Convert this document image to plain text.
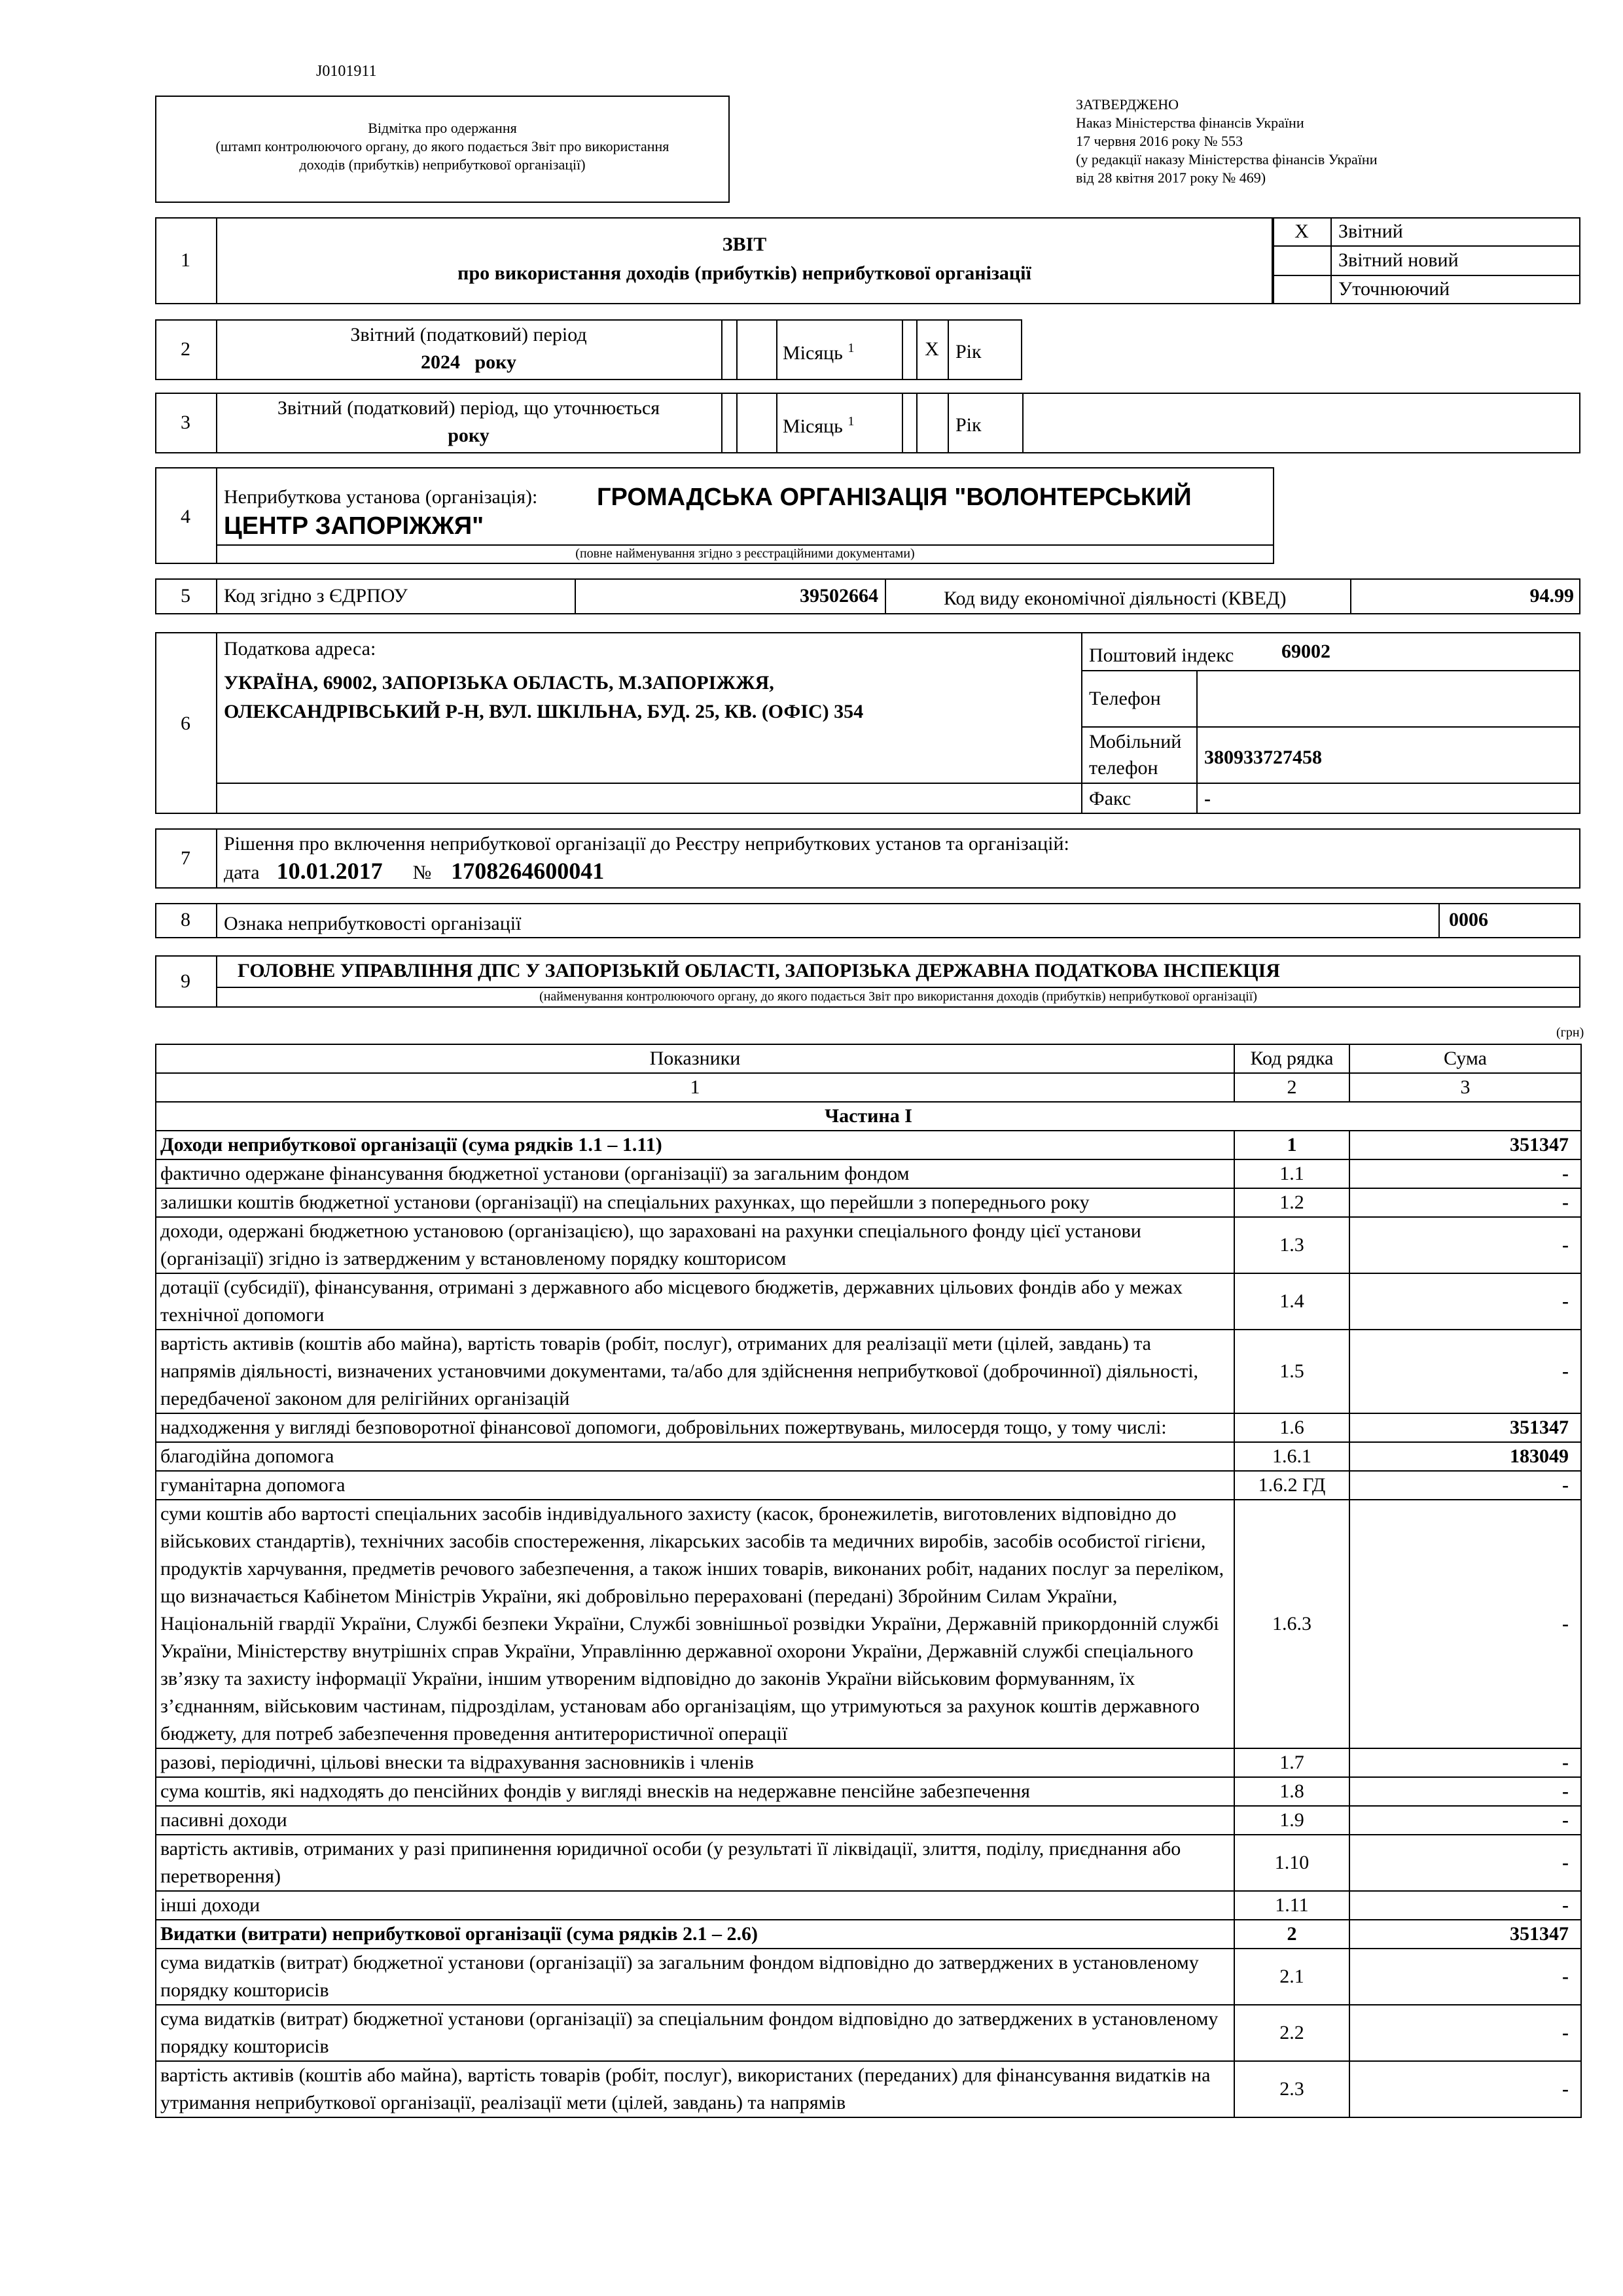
J0101911
Відмітка про одержання
(штамп контролюючого органу, до якого подається Звіт про використання
доходів (прибутків) неприбуткової організації)
ЗАТВЕРДЖЕНО
Наказ Міністерства фінансів України
17 червня 2016 року № 553
(у редакції наказу Міністерства фінансів України
від 28 квітня 2017 року № 469)
1
ЗВІТ
про використання доходів (прибутків) неприбуткової організації
X	Звітний
Звітний новий
Уточнюючий
2
Звітний (податковий) період
2024 року	Місяць $^1$	X Рік
3
Звітний (податковий) період, що уточнюється
року	Місяць $^1$	Рік
4
Неприбуткова установа (організація): ГРОМАДСЬКА ОРГАНІЗАЦІЯ "ВОЛОНТЕРСЬКИЙ
ЦЕНТР ЗАПОРІЖЖЯ"
(повне найменування згідно з реєстраційними документами)
5	Код згідно з ЄДРПОУ	39502664	Код виду економічної діяльності (КВЕД)	94.99
6
Податкова адреса:
УКРАЇНА, 69002, ЗАПОРІЗЬКА ОБЛАСТЬ, М.ЗАПОРІЖЖЯ,
ОЛЕКСАНДРІВСЬКИЙ Р-Н, ВУЛ. ШКІЛЬНА, БУД. 25, КВ. (ОФІС) 354
Поштовий індекс 69002
Телефон
Мобільний
телефон	380933727458
Факс	-
7
Рішення про включення неприбуткової організації до Реєстру неприбуткових установ та організацій:
дата 10.01.2017 № 1708264600041
8	Ознака неприбутковості організації	0006
9	ГОЛОВНЕ УПРАВЛІННЯ ДПС У ЗАПОРІЗЬКІЙ ОБЛАСТІ, ЗАПОРІЗЬКА ДЕРЖАВНА ПОДАТКОВА ІНСПЕКЦІЯ
(найменування контролюючого органу, до якого подається Звіт про використання доходів (прибутків) неприбуткової організації)
(грн)
Показники	Код рядка	Сума
1	2	3
Частина I		
Доходи неприбуткової організації (сума рядків 1.1 – 1.11)	1	351347
фактично одержане фінансування бюджетної установи (організації) за загальним фондом	1.1	-
залишки коштів бюджетної установи (організації) на спеціальних рахунках, що перейшли з попереднього року	1.2	-
доходи, одержані бюджетною установою (організацією), що зараховані на рахунки спеціального фонду цієї установи (організації) згідно із затвердженим у встановленому порядку кошторисом	1.3	-
дотації (субсидії), фінансування, отримані з державного або місцевого бюджетів, державних цільових фондів або у межах технічної допомоги	1.4	-
вартість активів (коштів або майна), вартість товарів (робіт, послуг), отриманих для реалізації мети (цілей, завдань) та напрямів діяльності, визначених установчими документами, та/або для здійснення неприбуткової (доброчинної) діяльності, передбаченої законом для релігійних організацій	1.5	-
надходження у вигляді безповоротної фінансової допомоги, добровільних пожертвувань, милосердя тощо, у тому числі:	1.6	351347
благодійна допомога	1.6.1	183049
гуманітарна допомога	1.6.2 ГД	-
суми коштів або вартості спеціальних засобів індивідуального захисту (касок, бронежилетів, виготовлених відповідно до військових стандартів), технічних засобів спостереження, лікарських засобів та медичних виробів, засобів особистої гігієни, продуктів харчування, предметів речового забезпечення, а також інших товарів, виконаних робіт, наданих послуг за переліком, що визначається Кабінетом Міністрів України, які добровільно перераховані (передані) Збройним Силам України, Національній гвардії України, Службі безпеки України, Службі зовнішньої розвідки України, Державній прикордонній службі України, Міністерству внутрішніх справ України, Управлінню державної охорони України, Державній службі спеціального зв’язку та захисту інформації України, іншим утвореним відповідно до законів України військовим формуванням, їх з’єднанням, військовим частинам, підрозділам, установам або організаціям, що утримуються за рахунок коштів державного бюджету, для потреб забезпечення проведення антитерористичної операції	1.6.3	-
разові, періодичні, цільові внески та відрахування засновників і членів	1.7	-
сума коштів, які надходять до пенсійних фондів у вигляді внесків на недержавне пенсійне забезпечення	1.8	-
пасивні доходи	1.9	-
вартість активів, отриманих у разі припинення юридичної особи (у результаті її ліквідації, злиття, поділу, приєднання або перетворення)	1.10	-
інші доходи	1.11	-
Видатки (витрати) неприбуткової організації (сума рядків 2.1 – 2.6)	2	351347
сума видатків (витрат) бюджетної установи (організації) за загальним фондом відповідно до затверджених в установленому порядку кошторисів	2.1	-
сума видатків (витрат) бюджетної установи (організації) за спеціальним фондом відповідно до затверджених в установленому порядку кошторисів	2.2	-
вартість активів (коштів або майна), вартість товарів (робіт, послуг), використаних (переданих) для фінансування видатків на утримання неприбуткової організації, реалізації мети (цілей, завдань) та напрямів	2.3	-
